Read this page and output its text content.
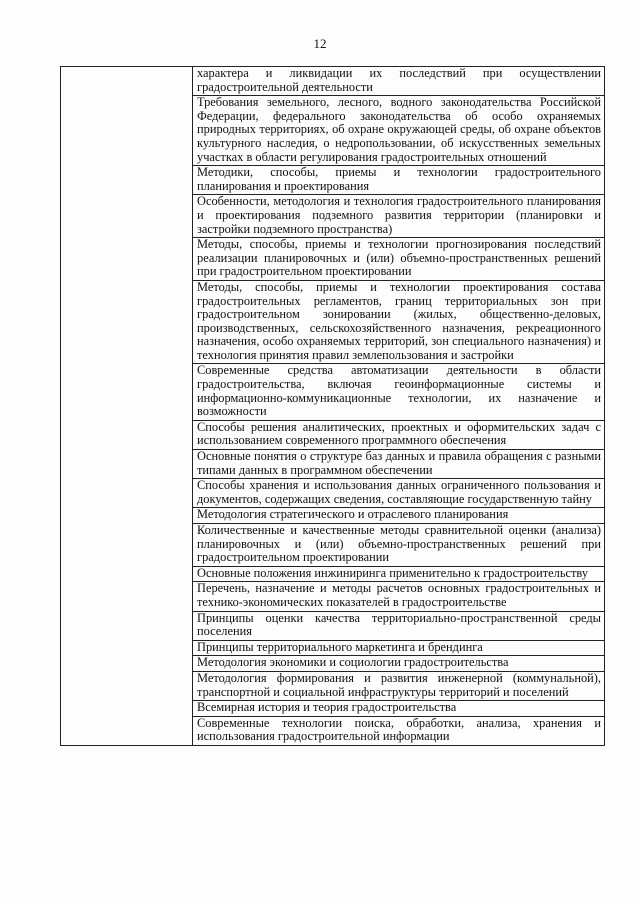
12

характера и ликвидации их последствий при осуществлении градостроительной деятельности

Требования земельного, лесного, водного законодательства Российской Федерации, федерального законодательства об особо охраняемых природных территориях, об охране окружающей среды, об охране объектов культурного наследия, о недропользовании, об искусственных земельных участках в области регулирования градостроительных отношений

Методики, способы, приемы и технологии градостроительного планирования и проектирования

Особенности, методология и технология градостроительного планирования и проектирования подземного развития территории (планировки и застройки подземного пространства)

Методы, способы, приемы и технологии прогнозирования последствий реализации планировочных и (или) объемно-пространственных решений при градостроительном проектировании

Методы, способы, приемы и технологии проектирования состава градостроительных регламентов, границ территориальных зон при градостроительном зонировании (жилых, общественно-деловых, производственных, сельскохозяйственного назначения, рекреационного назначения, особо охраняемых территорий, зон специального назначения) и технология принятия правил землепользования и застройки

Современные средства автоматизации деятельности в области градостроительства, включая геоинформационные системы и информационно-коммуникационные технологии, их назначение и возможности

Способы решения аналитических, проектных и оформительских задач с использованием современного программного обеспечения

Основные понятия о структуре баз данных и правила обращения с разными типами данных в программном обеспечении

Способы хранения и использования данных ограниченного пользования и документов, содержащих сведения, составляющие государственную тайну

Методология стратегического и отраслевого планирования

Количественные и качественные методы сравнительной оценки (анализа) планировочных и (или) объемно-пространственных решений при градостроительном проектировании

Основные положения инжиниринга применительно к градостроительству

Перечень, назначение и методы расчетов основных градостроительных и технико-экономических показателей в градостроительстве

Принципы оценки качества территориально-пространственной среды поселения

Принципы территориального маркетинга и брендинга

Методология экономики и социологии градостроительства

Методология формирования и развития инженерной (коммунальной), транспортной и социальной инфраструктуры территорий и поселений

Всемирная история и теория градостроительства

Современные технологии поиска, обработки, анализа, хранения и использования градостроительной информации
